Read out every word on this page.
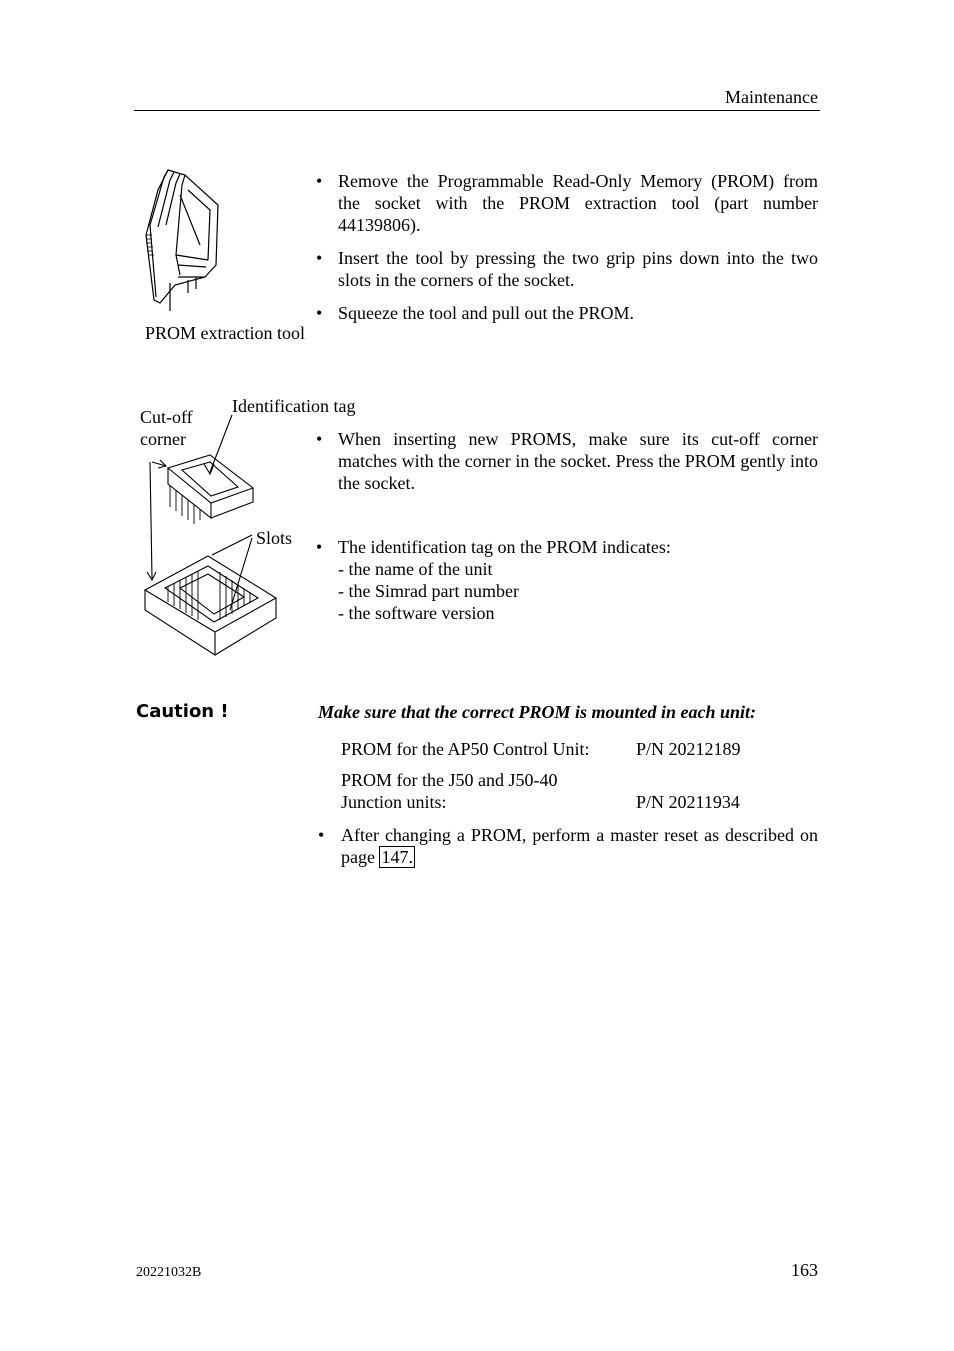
Maintenance
PROM extraction tool
• Remove the Programmable Read-Only Memory (PROM) from the socket with the PROM extraction tool (part number 44139806).
• Insert the tool by pressing the two grip pins down into the two slots in the corners of the socket.
• Squeeze the tool and pull out the PROM.
Identification tag
Cut-off
corner
Slots
• When inserting new PROMS, make sure its cut-off corner matches with the corner in the socket. Press the PROM gently into the socket.
• The identification tag on the PROM indicates:
- the name of the unit
- the Simrad part number
- the software version
Caution !	Make sure that the correct PROM is mounted in each unit:
PROM for the AP50 Control Unit:	P/N 20212189
PROM for the J50 and J50-40
Junction units:	P/N 20211934
• After changing a PROM, perform a master reset as described on page 147.
20221032B	163
